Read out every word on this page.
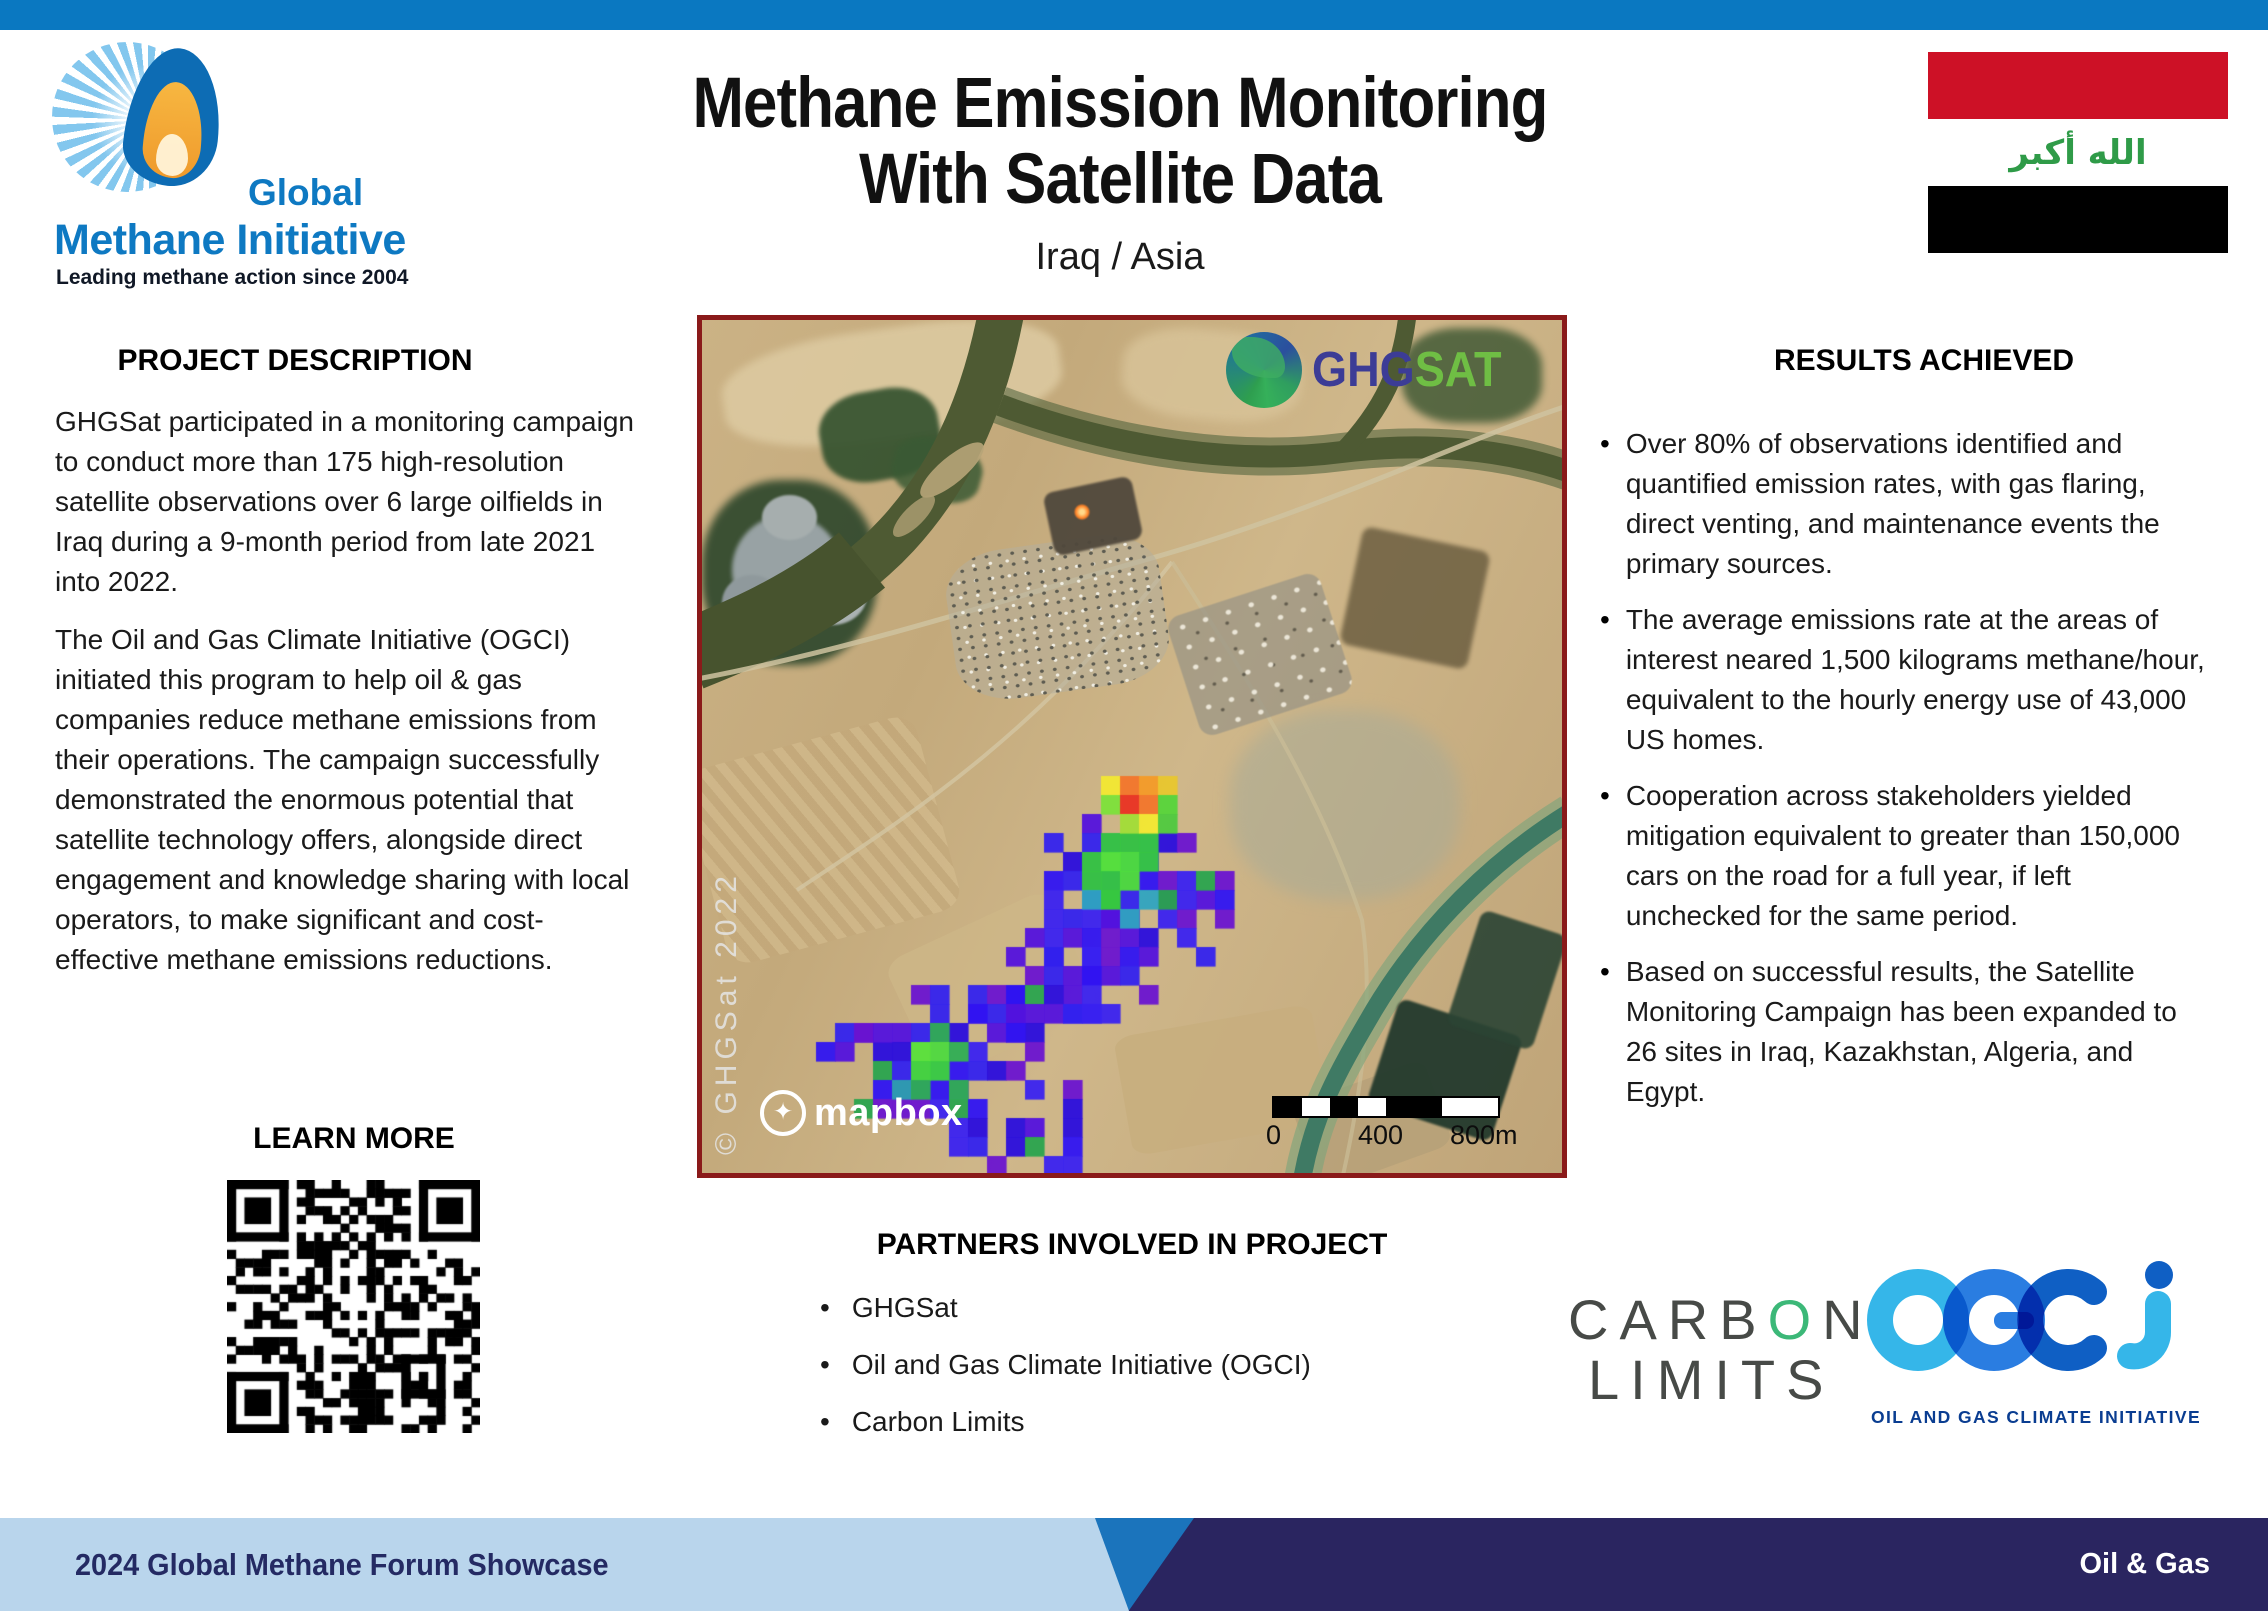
Global
Methane Initiative
Leading methane action since 2004
Methane Emission Monitoring
With Satellite Data
Iraq / Asia
الله أكبر
PROJECT DESCRIPTION

GHGSat participated in a monitoring campaign to conduct more than 175 high-resolution satellite observations over 6 large oilfields in Iraq during a 9-month period from late 2021 into 2022.

The Oil and Gas Climate Initiative (OGCI) initiated this program to help oil & gas companies reduce methane emissions from their operations. The campaign successfully demonstrated the enormous potential that satellite technology offers, alongside direct engagement and knowledge sharing with local operators, to make significant and cost-effective methane emissions reductions.

LEARN MORE
GHGSAT
© GHGSat 2022 ✦ mapbox
0	400 800m
PARTNERS INVOLVED IN PROJECT
• GHGSat
• Oil and Gas Climate Initiative (OGCI)
• Carbon Limits
RESULTS ACHIEVED
• Over 80% of observations identified and quantified emission rates, with gas flaring, direct venting, and maintenance events the primary sources.
• The average emissions rate at the areas of interest neared 1,500 kilograms methane/hour, equivalent to the hourly energy use of 43,000 US homes.
• Cooperation across stakeholders yielded mitigation equivalent to greater than 150,000 cars on the road for a full year, if left unchecked for the same period.
• Based on successful results, the Satellite Monitoring Campaign has been expanded to 26 sites in Iraq, Kazakhstan, Algeria, and Egypt.
CARBON
LIMITS
OIL AND GAS CLIMATE INITIATIVE
2024 Global Methane Forum Showcase	Oil & Gas
